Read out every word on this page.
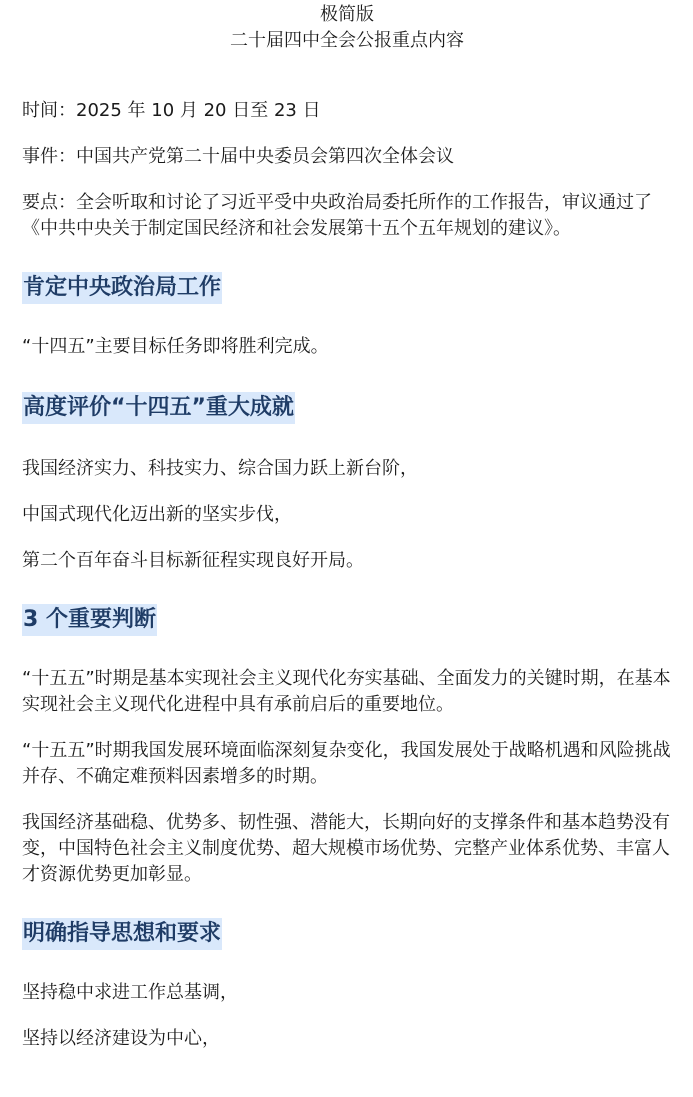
极简版
二十届四中全会公报重点内容

时间：2025 年 10 月 20 日至 23 日

事件：中国共产党第二十届中央委员会第四次全体会议

要点：全会听取和讨论了习近平受中央政治局委托所作的工作报告，审议通过了《中共中央关于制定国民经济和社会发展第十五个五年规划的建议》。

肯定中央政治局工作

“十四五”主要目标任务即将胜利完成。

高度评价“十四五”重大成就

我国经济实力、科技实力、综合国力跃上新台阶，

中国式现代化迈出新的坚实步伐，

第二个百年奋斗目标新征程实现良好开局。

3 个重要判断

“十五五”时期是基本实现社会主义现代化夯实基础、全面发力的关键时期，在基本实现社会主义现代化进程中具有承前启后的重要地位。

“十五五”时期我国发展环境面临深刻复杂变化，我国发展处于战略机遇和风险挑战并存、不确定难预料因素增多的时期。

我国经济基础稳、优势多、韧性强、潜能大，长期向好的支撑条件和基本趋势没有变，中国特色社会主义制度优势、超大规模市场优势、完整产业体系优势、丰富人才资源优势更加彰显。

明确指导思想和要求

坚持稳中求进工作总基调，

坚持以经济建设为中心，
